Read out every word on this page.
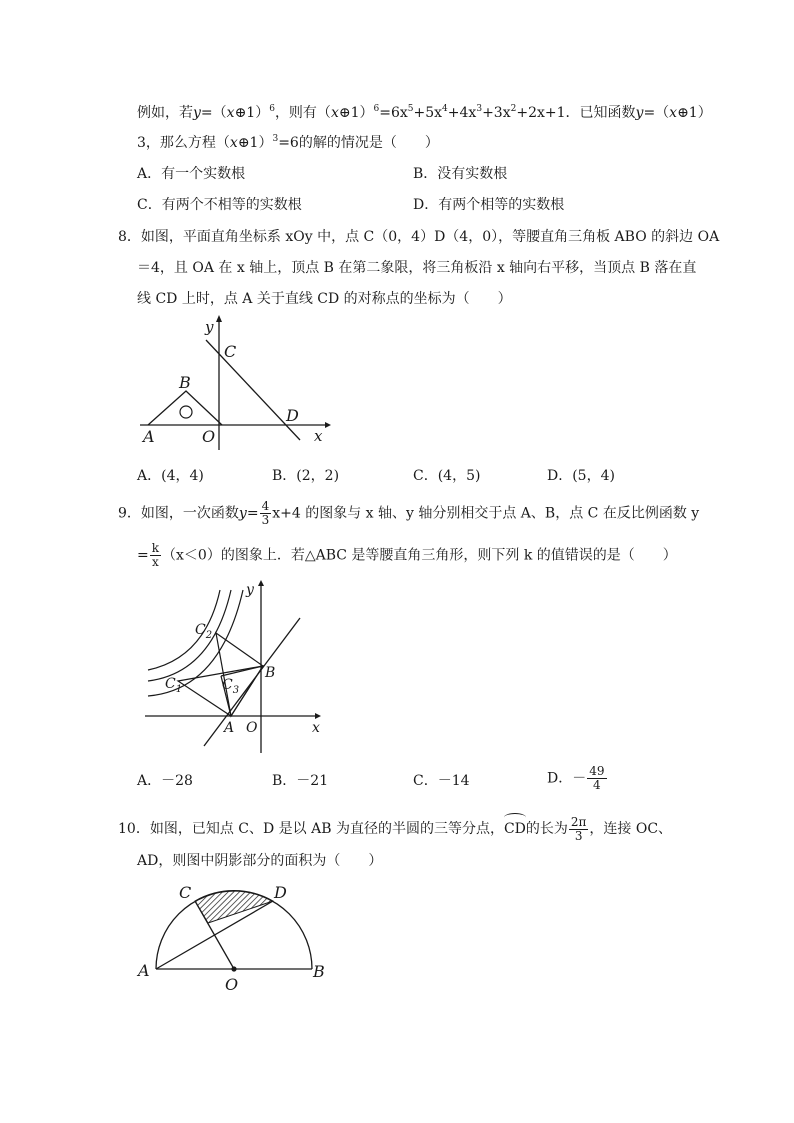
例如，若y=（x⊕1）$^6$，则有$(x\oplus 1)^6=6x^5+5x^4+4x^3+3x^2+2x+1$．已知函数y=（x⊕1）
3，那么方程（x⊕1）$^3$=6的解的情况是（　　）
A．有一个实数根	B．没有实数根
C．有两个不相等的实数根	D．有两个相等的实数根
8．如图，平面直角坐标系 xOy 中，点 C（0，4）D（4，0），等腰直角三角板 ABO 的斜边 OA
＝4，且 OA 在 x 轴上，顶点 B 在第二象限，将三角板沿 x 轴向右平移，当顶点 B 落在直
线 CD 上时，点 A 关于直线 CD 的对称点的坐标为（　　）
y
x
C
B
D
A	O
A．(4，4)	B．(2，2)	C．(4，5)	D．(5，4)
9．如图，一次函数$y= \frac{4}{3} x+4$ 的图象与 x 轴、y 轴分别相交于点 A、B，点 C 在反比例函数 y
= $\frac{k}{x} (x<0)$的图象上．若△ABC 是等腰直角三角形，则下列 k 的值错误的是（　　）
y
x
$C_2$
$C_1$	$C_3$
B
A O
A．－28	B．－21	C．－14	D．－ $\frac{49}{4}$
10．如图，已知点 C、D 是以 AB 为直径的半圆的三等分点，CD的长为 $\frac{2\pi}{3}$ ，连接 OC、
AD，则图中阴影部分的面积为（　　）
C	D
A
O
B
